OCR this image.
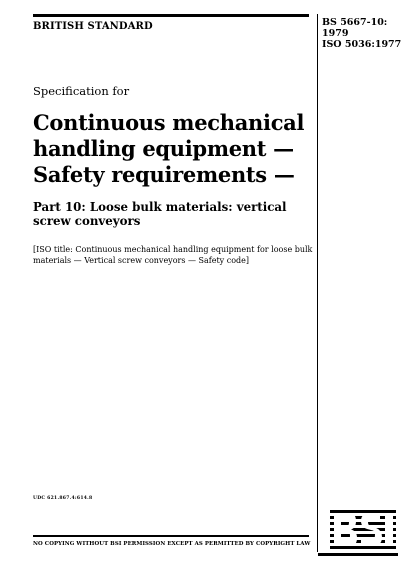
BRITISH STANDARD	BS 5667-10:
1979
ISO 5036:1977
Specification for
Continuous mechanical
handling equipment —
Safety requirements —
Part 10: Loose bulk materials: vertical screw conveyors
[ISO title: Continuous mechanical handling equipment for loose bulk materials — Vertical screw conveyors — Safety code]
UDC 621.867.4:614.8
NO COPYING WITHOUT BSI PERMISSION EXCEPT AS PERMITTED BY COPYRIGHT LAW
